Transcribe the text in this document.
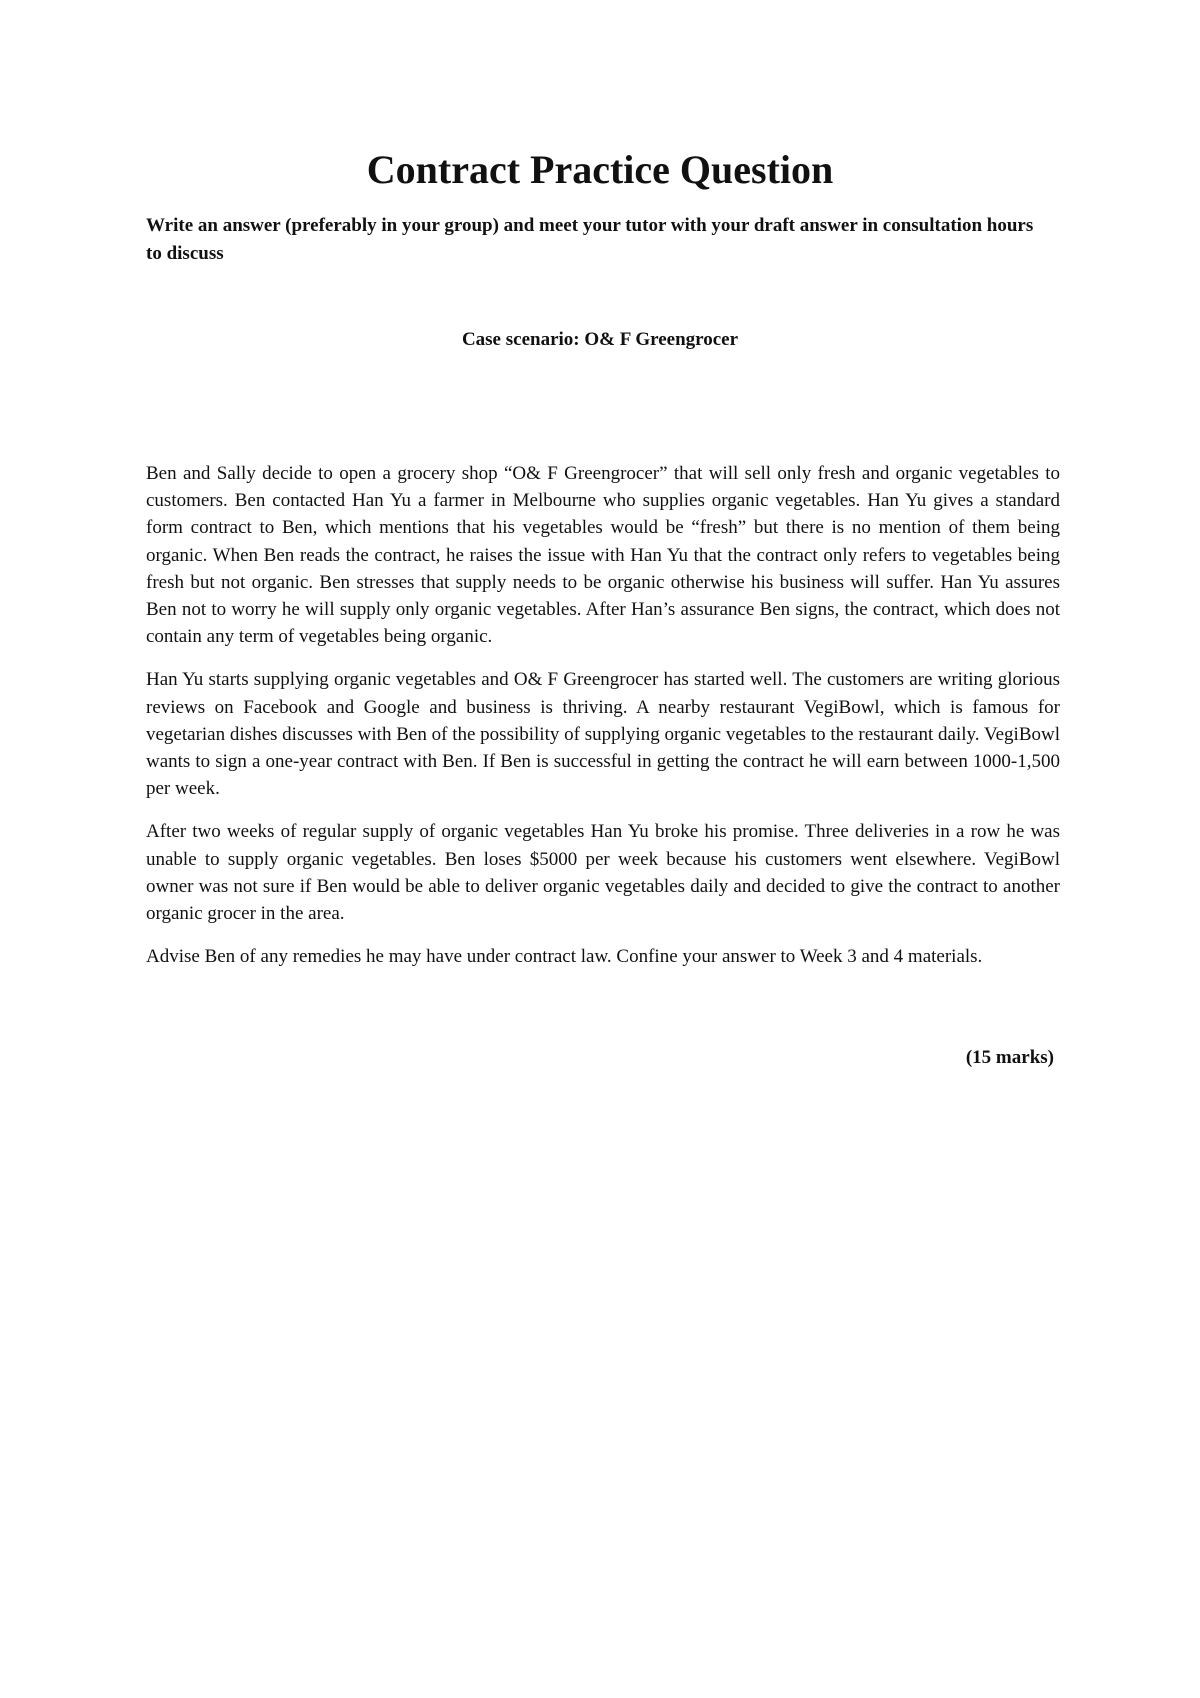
Contract Practice Question

Write an answer (preferably in your group) and meet your tutor with your draft answer in consultation hours to discuss

Case scenario: O& F Greengrocer

Ben and Sally decide to open a grocery shop “O& F Greengrocer” that will sell only fresh and organic vegetables to customers. Ben contacted Han Yu a farmer in Melbourne who supplies organic vegetables. Han Yu gives a standard form contract to Ben, which mentions that his vegetables would be “fresh” but there is no mention of them being organic. When Ben reads the contract, he raises the issue with Han Yu that the contract only refers to vegetables being fresh but not organic. Ben stresses that supply needs to be organic otherwise his business will suffer. Han Yu assures Ben not to worry he will supply only organic vegetables. After Han’s assurance Ben signs, the contract, which does not contain any term of vegetables being organic.

Han Yu starts supplying organic vegetables and O& F Greengrocer has started well. The customers are writing glorious reviews on Facebook and Google and business is thriving. A nearby restaurant VegiBowl, which is famous for vegetarian dishes discusses with Ben of the possibility of supplying organic vegetables to the restaurant daily. VegiBowl wants to sign a one-year contract with Ben. If Ben is successful in getting the contract he will earn between 1000-1,500 per week.

After two weeks of regular supply of organic vegetables Han Yu broke his promise. Three deliveries in a row he was unable to supply organic vegetables. Ben loses $5000 per week because his customers went elsewhere. VegiBowl owner was not sure if Ben would be able to deliver organic vegetables daily and decided to give the contract to another organic grocer in the area.

Advise Ben of any remedies he may have under contract law. Confine your answer to Week 3 and 4 materials.

(15 marks)
